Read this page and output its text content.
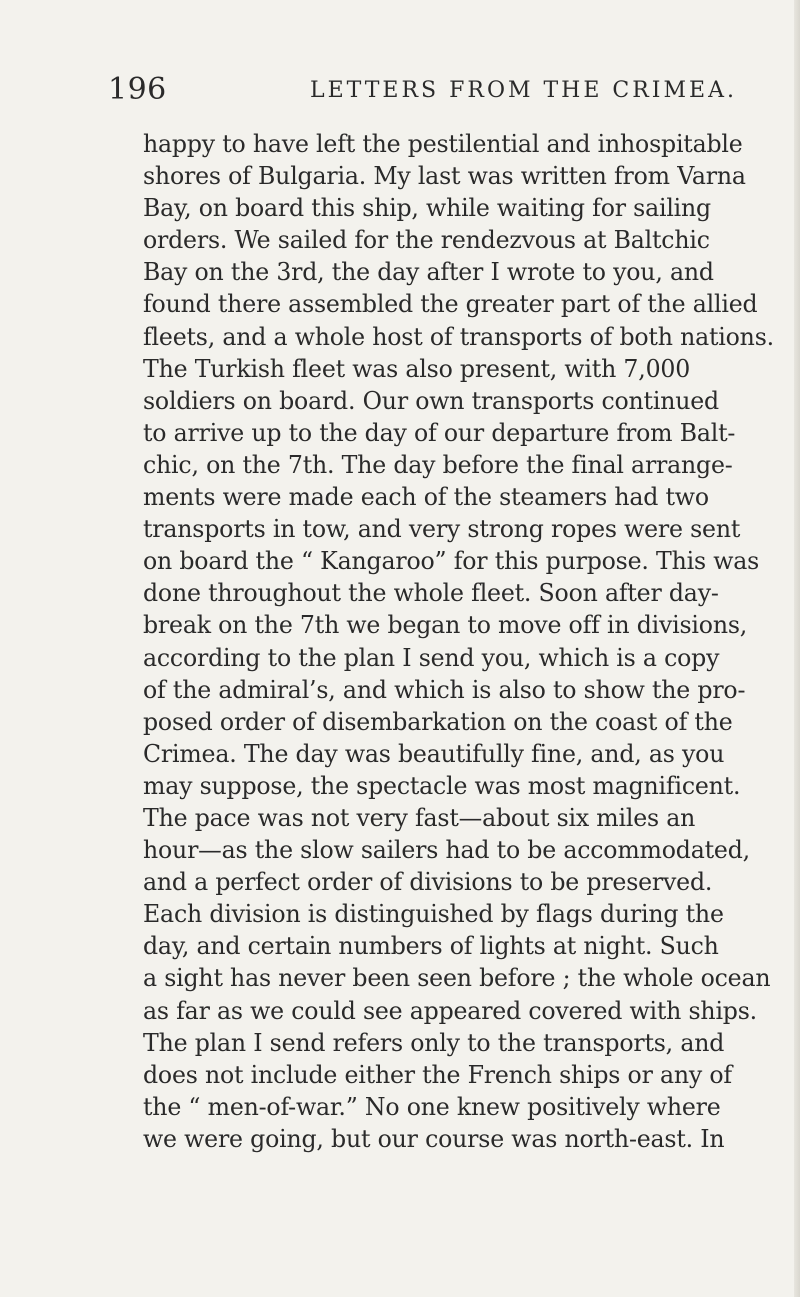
196	LETTERS FROM THE CRIMEA.
happy to have left the pestilential and inhospitable
shores of Bulgaria. My last was written from Varna
Bay, on board this ship, while waiting for sailing
orders. We sailed for the rendezvous at Baltchic
Bay on the 3rd, the day after I wrote to you, and
found there assembled the greater part of the allied
fleets, and a whole host of transports of both nations.
The Turkish fleet was also present, with 7,000
soldiers on board. Our own transports continued
to arrive up to the day of our departure from Balt-
chic, on the 7th. The day before the final arrange-
ments were made each of the steamers had two
transports in tow, and very strong ropes were sent
on board the “ Kangaroo” for this purpose. This was
done throughout the whole fleet. Soon after day-
break on the 7th we began to move off in divisions,
according to the plan I send you, which is a copy
of the admiral’s, and which is also to show the pro-
posed order of disembarkation on the coast of the
Crimea. The day was beautifully fine, and, as you
may suppose, the spectacle was most magnificent.
The pace was not very fast—about six miles an
hour—as the slow sailers had to be accommodated,
and a perfect order of divisions to be preserved.
Each division is distinguished by flags during the
day, and certain numbers of lights at night. Such
a sight has never been seen before ; the whole ocean
as far as we could see appeared covered with ships.
The plan I send refers only to the transports, and
does not include either the French ships or any of
the “ men-of-war.” No one knew positively where
we were going, but our course was north-east. In
